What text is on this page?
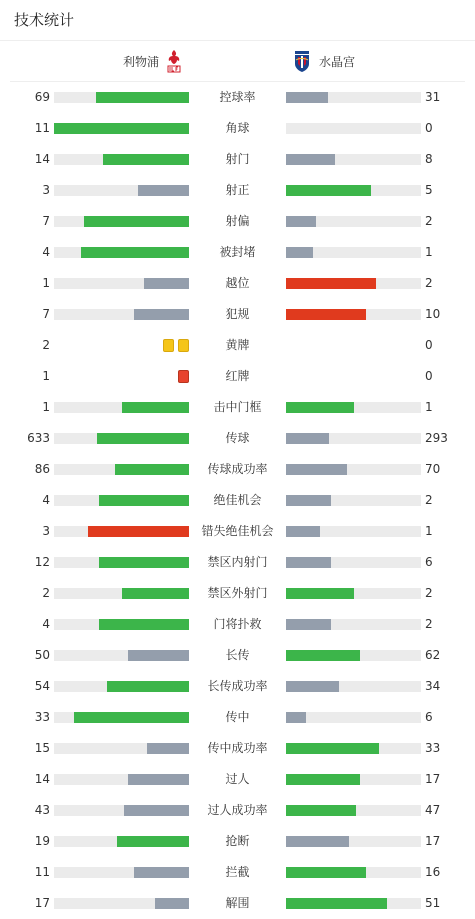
技术统计
利物浦	水晶宫
69	控球率	31
11	角球	0
14	射门	8
3	射正	5
7	射偏	2
4	被封堵	1
1	越位	2
7	犯规	10
2	黄牌	0
1	红牌	0
1	击中门框	1
633	传球	293
86	传球成功率	70
4	绝佳机会	2
3	错失绝佳机会	1
12	禁区内射门	6
2	禁区外射门	2
4	门将扑救	2
50	长传	62
54	长传成功率	34
33	传中	6
15	传中成功率	33
14	过人	17
43	过人成功率	47
19	抢断	17
11	拦截	16
17	解围	51
